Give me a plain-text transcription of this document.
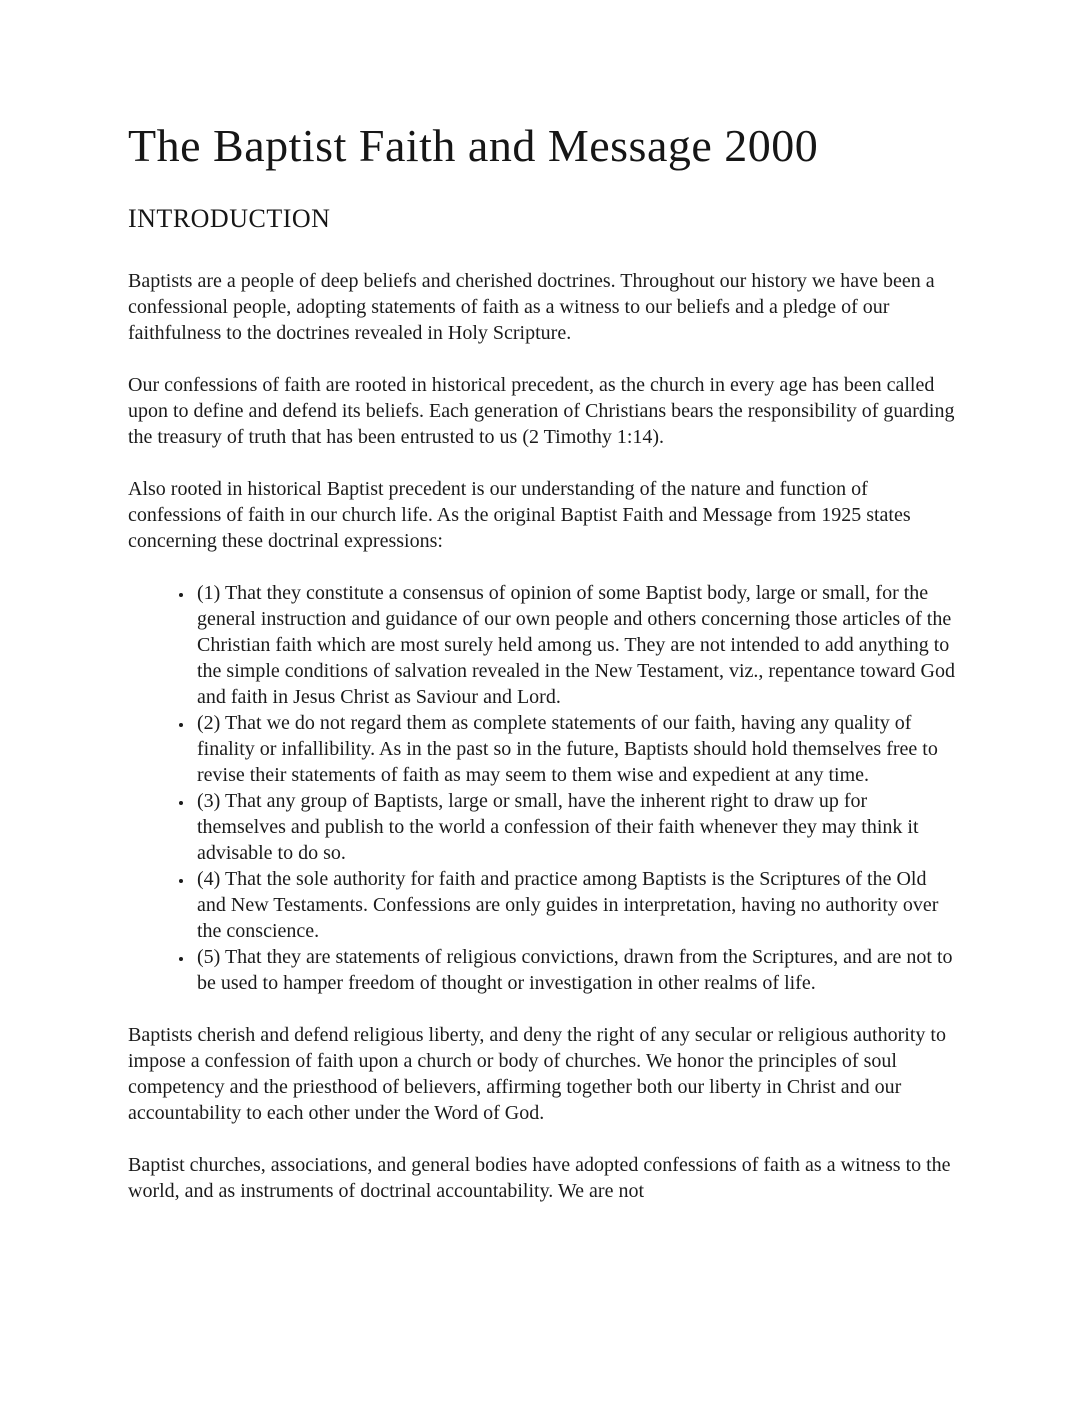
The Baptist Faith and Message 2000
INTRODUCTION

Baptists are a people of deep beliefs and cherished doctrines. Throughout our history we have been a confessional people, adopting statements of faith as a witness to our beliefs and a pledge of our faithfulness to the doctrines revealed in Holy Scripture.

Our confessions of faith are rooted in historical precedent, as the church in every age has been called upon to define and defend its beliefs. Each generation of Christians bears the responsibility of guarding the treasury of truth that has been entrusted to us (2 Timothy 1:14).

Also rooted in historical Baptist precedent is our understanding of the nature and function of confessions of faith in our church life. As the original Baptist Faith and Message from 1925 states concerning these doctrinal expressions:

• (1) That they constitute a consensus of opinion of some Baptist body, large or small, for the general instruction and guidance of our own people and others concerning those articles of the Christian faith which are most surely held among us. They are not intended to add anything to the simple conditions of salvation revealed in the New Testament, viz., repentance toward God and faith in Jesus Christ as Saviour and Lord.
• (2) That we do not regard them as complete statements of our faith, having any quality of finality or infallibility. As in the past so in the future, Baptists should hold themselves free to revise their statements of faith as may seem to them wise and expedient at any time.
• (3) That any group of Baptists, large or small, have the inherent right to draw up for themselves and publish to the world a confession of their faith whenever they may think it advisable to do so.
• (4) That the sole authority for faith and practice among Baptists is the Scriptures of the Old and New Testaments. Confessions are only guides in interpretation, having no authority over the conscience.
• (5) That they are statements of religious convictions, drawn from the Scriptures, and are not to be used to hamper freedom of thought or investigation in other realms of life.

Baptists cherish and defend religious liberty, and deny the right of any secular or religious authority to impose a confession of faith upon a church or body of churches. We honor the principles of soul competency and the priesthood of believers, affirming together both our liberty in Christ and our accountability to each other under the Word of God.

Baptist churches, associations, and general bodies have adopted confessions of faith as a witness to the world, and as instruments of doctrinal accountability. We are not
